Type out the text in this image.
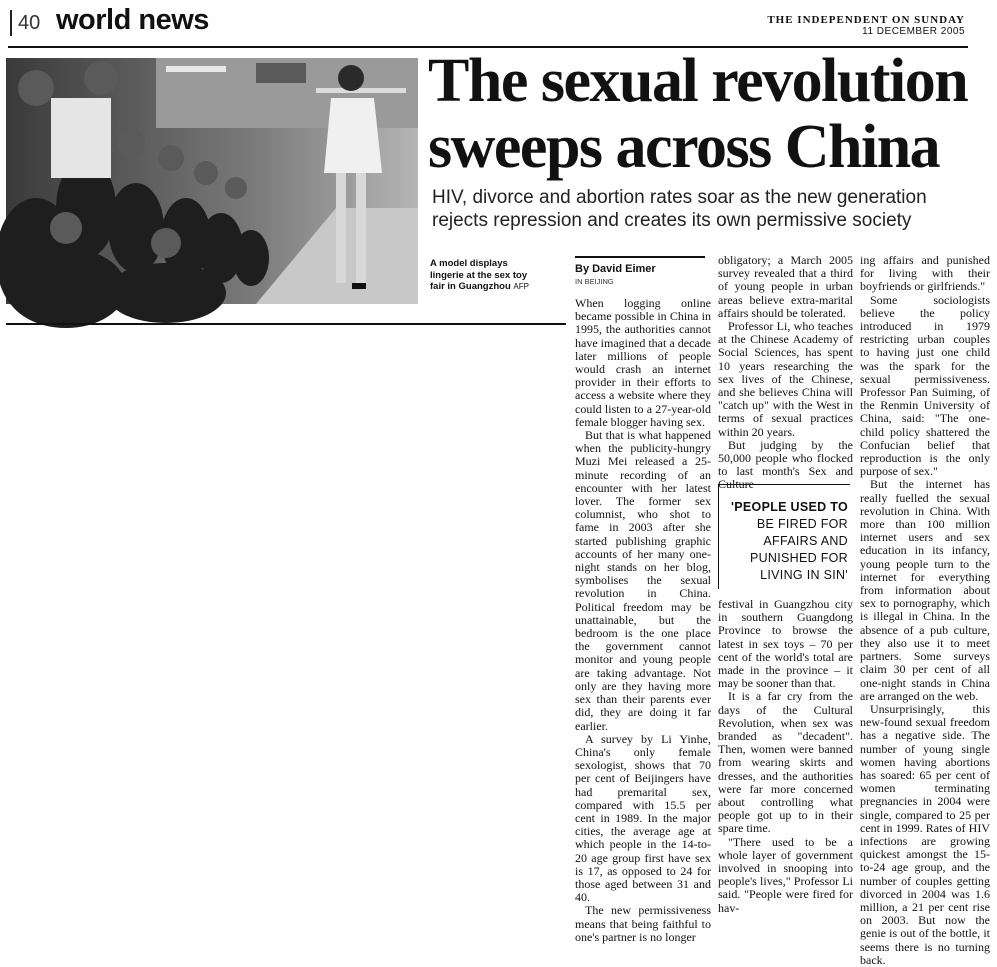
40 world news	THE INDEPENDENT ON SUNDAY
11 DECEMBER 2005
A model displays lingerie at the sex toy fair in Guangzhou AFP
The sexual revolution
sweeps across China
HIV, divorce and abortion rates soar as the new generation rejects repression and creates its own permissive society
By David Eimer
IN BEIJING

When logging online became possible in China in 1995, the authorities cannot have imagined that a decade later millions of people would crash an internet provider in their efforts to access a website where they could listen to a 27-year-old female blogger having sex.

But that is what happened when the publicity-hungry Muzi Mei released a 25-minute recording of an encounter with her latest lover. The former sex columnist, who shot to fame in 2003 after she started publishing graphic accounts of her many one-night stands on her blog, symbolises the sexual revolution in China. Political freedom may be unattainable, but the bedroom is the one place the government cannot monitor and young people are taking advantage. Not only are they having more sex than their parents ever did, they are doing it far earlier.

A survey by Li Yinhe, China's only female sexologist, shows that 70 per cent of Beijingers have had premarital sex, compared with 15.5 per cent in 1989. In the major cities, the average age at which people in the 14-to-20 age group first have sex is 17, as opposed to 24 for those aged between 31 and 40.

The new permissiveness means that being faithful to one's partner is no longer

obligatory; a March 2005 survey revealed that a third of young people in urban areas believe extra-marital affairs should be tolerated.

Professor Li, who teaches at the Chinese Academy of Social Sciences, has spent 10 years researching the sex lives of the Chinese, and she believes China will "catch up" with the West in terms of sexual practices within 20 years.

But judging by the 50,000 people who flocked to last month's Sex and Culture

'PEOPLE USED TO
BE FIRED FOR AFFAIRS AND PUNISHED FOR LIVING IN SIN'

festival in Guangzhou city in southern Guangdong Province to browse the latest in sex toys – 70 per cent of the world's total are made in the province – it may be sooner than that.

It is a far cry from the days of the Cultural Revolution, when sex was branded as "decadent". Then, women were banned from wearing skirts and dresses, and the authorities were far more concerned about controlling what people got up to in their spare time.

"There used to be a whole layer of government involved in snooping into people's lives," Professor Li said. "People were fired for hav-

ing affairs and punished for living with their boyfriends or girlfriends."

Some sociologists believe the policy introduced in 1979 restricting urban couples to having just one child was the spark for the sexual permissiveness. Professor Pan Suiming, of the Renmin University of China, said: "The one-child policy shattered the Confucian belief that reproduction is the only purpose of sex."

But the internet has really fuelled the sexual revolution in China. With more than 100 million internet users and sex education in its infancy, young people turn to the internet for everything from information about sex to pornography, which is illegal in China. In the absence of a pub culture, they also use it to meet partners. Some surveys claim 30 per cent of all one-night stands in China are arranged on the web.

Unsurprisingly, this new-found sexual freedom has a negative side. The number of young single women having abortions has soared: 65 per cent of women terminating pregnancies in 2004 were single, compared to 25 per cent in 1999. Rates of HIV infections are growing quickest amongst the 15-to-24 age group, and the number of couples getting divorced in 2004 was 1.6 million, a 21 per cent rise on 2003. But now the genie is out of the bottle, it seems there is no turning back.
